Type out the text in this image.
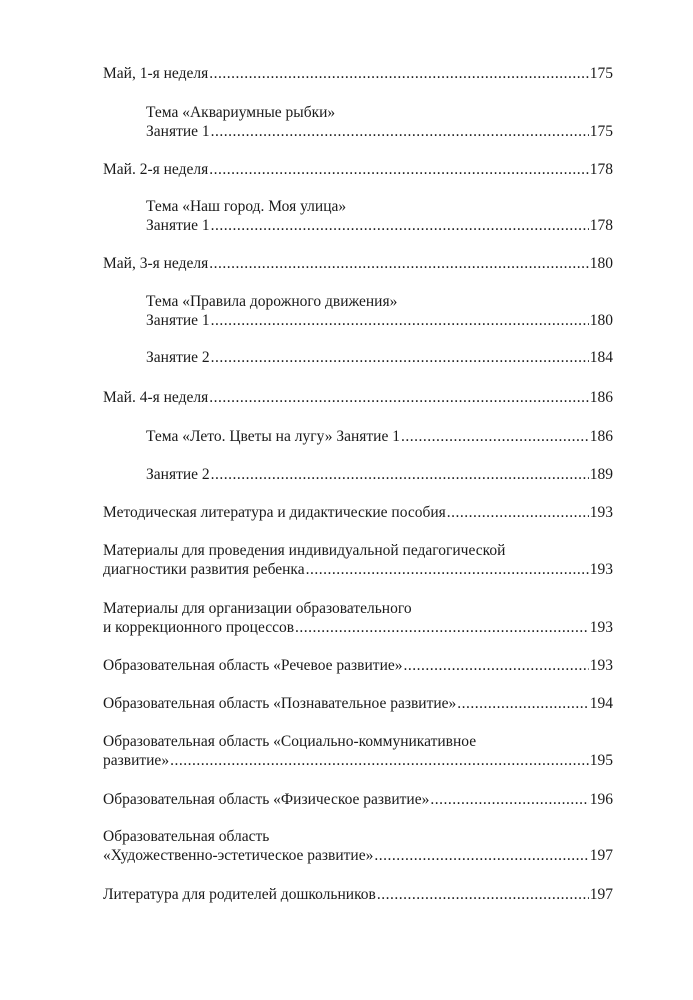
Май, 1-я неделя .....	175
Тема «Аквариумные рыбки»
Занятие 1 .....	175
Май. 2-я неделя .....	178
Тема «Наш город. Моя улица»
Занятие 1 .....	178
Май, 3-я неделя .....	180
Тема «Правила дорожного движения»
Занятие 1 .....	180
Занятие 2 .....	184
Май. 4-я неделя .....	186
Тема «Лето. Цветы на лугу» Занятие 1 .....	186
Занятие 2 .....	189
Методическая литература и дидактические пособия .....	193
Материалы для проведения индивидуальной педагогической
диагностики развития ребенка .....	193
Материалы для организации образовательного
и коррекционного процессов .....	193
Образовательная область «Речевое развитие» .....	193
Образовательная область «Познавательное развитие» .....	194
Образовательная область «Социально-коммуникативное
развитие» .....	195
Образовательная область «Физическое развитие» .....	196
Образовательная область
«Художественно-эстетическое развитие» .....	197
Литература для родителей дошкольников .....	197
